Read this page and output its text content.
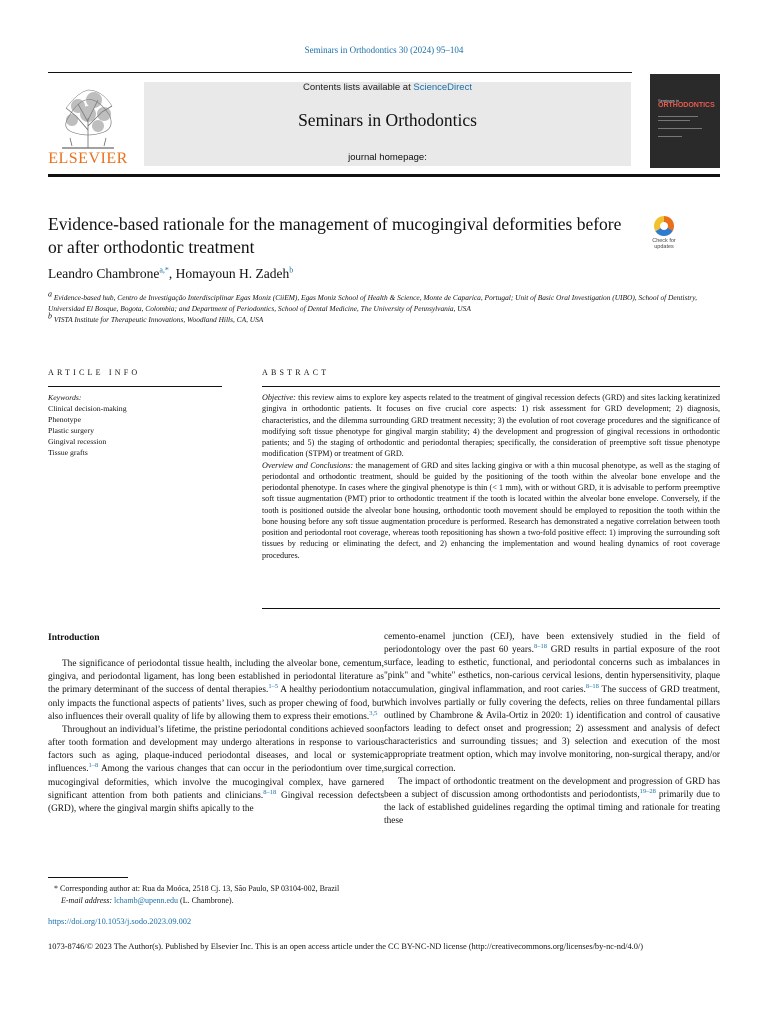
Seminars in Orthodontics 30 (2024) 95–104
ELSEVIER
Contents lists available at ScienceDirect
Seminars in Orthodontics
journal homepage:
Seminars in
ORTHODONTICS
Evidence-based rationale for the management of mucogingival deformities before or after orthodontic treatment	Check for updates
Leandro Chambrone$^{a,*}$, Homayoun H. Zadeh$^b$
$^a$ Evidence-based hub, Centro de Investigação Interdisciplinar Egas Moniz (CiiEM), Egas Moniz School of Health & Science, Monte de Caparica, Portugal; Unit of Basic Oral Investigation (UIBO), School of Dentistry, Universidad El Bosque, Bogota, Colombia; and Department of Periodontics, School of Dental Medicine, The University of Pennsylvania, USA
$^b$ VISTA Institute for Therapeutic Innovations, Woodland Hills, CA, USA
ARTICLE INFO	ABSTRACT
Keywords:
Clinical decision-making
Phenotype
Plastic surgery
Gingival recession
Tissue grafts
Objective: this review aims to explore key aspects related to the treatment of gingival recession defects (GRD) and sites lacking keratinized gingiva in orthodontic patients. It focuses on five crucial core aspects: 1) risk assessment for GRD development; 2) diagnosis, characteristics, and the dilemma surrounding GRD treatment necessity; 3) the evolution of root coverage procedures and the significance of modifying soft tissue phenotype for gingival margin stability; 4) the development and progression of gingival recessions in orthodontic patients; and 5) the staging of orthodontic and periodontal therapies; specifically, the consideration of preemptive soft tissue phenotype modification (STPM) or treatment of GRD.
Overview and Conclusions: the management of GRD and sites lacking gingiva or with a thin mucosal phenotype, as well as the staging of periodontal and orthodontic treatment, should be guided by the positioning of the tooth within the alveolar bone envelope and the periodontal phenotype. In cases where the gingival phenotype is thin (< 1 mm), with or without GRD, it is advisable to perform preemptive soft tissue augmentation (PMT) prior to orthodontic treatment if the tooth is located within the alveolar bone envelope. Conversely, if the tooth is positioned outside the alveolar bone housing, orthodontic tooth movement should be employed to reposition the tooth within the bone housing before any soft tissue augmentation procedure is performed. Research has demonstrated a negative correlation between tooth position and periodontal root coverage, whereas tooth repositioning has shown a two-fold positive effect: 1) improving the surrounding soft tissues by reducing or eliminating the defect, and 2) enhancing the implementation and wound healing dynamics of root coverage procedures.
Introduction

The significance of periodontal tissue health, including the alveolar bone, cementum, gingiva, and periodontal ligament, has long been established in periodontal literature as the primary determinant of the success of dental therapies.$^{1-5}$ A healthy periodontium not only impacts the functional aspects of patients’ lives, such as proper chewing of food, but also influences their overall quality of life by allowing them to express their emotions.$^{3,5}$

Throughout an individual’s lifetime, the pristine periodontal conditions achieved soon after tooth formation and development may undergo alterations in response to various factors such as aging, plaque-induced periodontal diseases, and local or systemic influences.$^{1-8}$ Among the various changes that can occur in the periodontium over time, mucogingival deformities, which involve the mucogingival complex, have garnered significant attention from both patients and clinicians.$^{8-18}$ Gingival recession defects (GRD), where the gingival margin shifts apically to the

cemento-enamel junction (CEJ), have been extensively studied in the field of periodontology over the past 60 years.$^{8-18}$ GRD results in partial exposure of the root surface, leading to esthetic, functional, and periodontal concerns such as imbalances in "pink" and "white" esthetics, non-carious cervical lesions, dentin hypersensitivity, plaque accumulation, gingival inflammation, and root caries.$^{8-18}$ The success of GRD treatment, which involves partially or fully covering the defects, relies on three fundamental pillars outlined by Chambrone & Avila-Ortiz in 2020: 1) identification and control of causative factors leading to defect onset and progression; 2) assessment and analysis of defect characteristics and surrounding tissues; and 3) selection and execution of the most appropriate treatment option, which may involve monitoring, non-surgical therapy, and/or surgical correction.

The impact of orthodontic treatment on the development and progression of GRD has been a subject of discussion among orthodontists and periodontists,$^{19-28}$ primarily due to the lack of established guidelines regarding the optimal timing and rationale for treating these

* Corresponding author at: Rua da Moóca, 2518 Cj. 13, São Paulo, SP 03104-002, Brazil
E-mail address: lchamb@upenn.edu (L. Chambrone).
https://doi.org/10.1053/j.sodo.2023.09.002
1073-8746/© 2023 The Author(s). Published by Elsevier Inc. This is an open access article under the CC BY-NC-ND license (http://creativecommons.org/licenses/by-nc-nd/4.0/)
